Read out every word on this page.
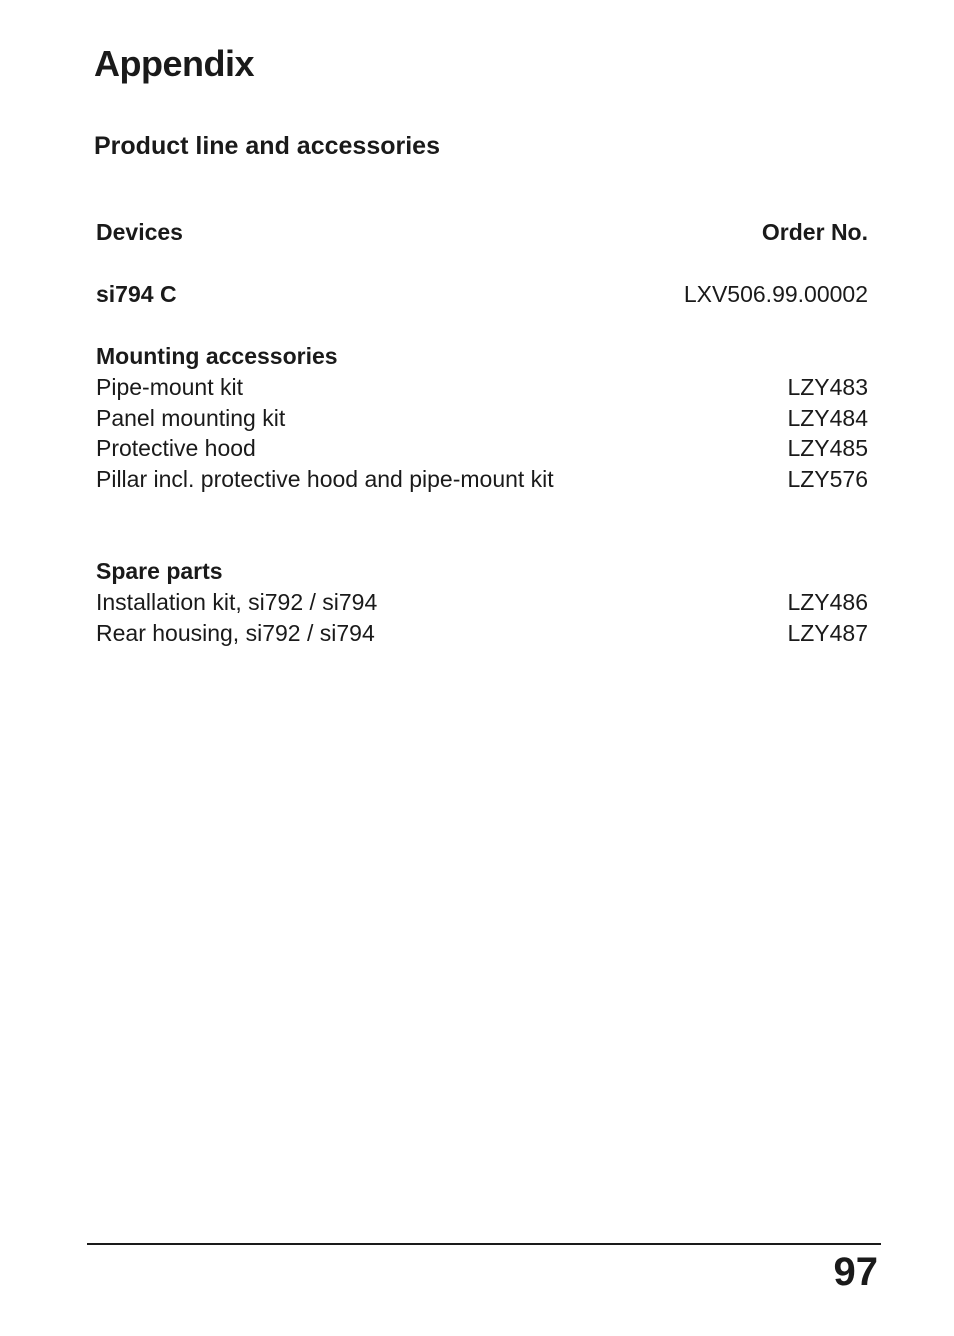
Appendix
Product line and accessories
Devices	Order No.
si794 C	LXV506.99.00002
Mounting accessories
Pipe-mount kit	LZY483
Panel mounting kit	LZY484
Protective hood	LZY485
Pillar incl. protective hood and pipe-mount kit	LZY576
Spare parts
Installation kit, si792 / si794	LZY486
Rear housing, si792 / si794	LZY487
97
